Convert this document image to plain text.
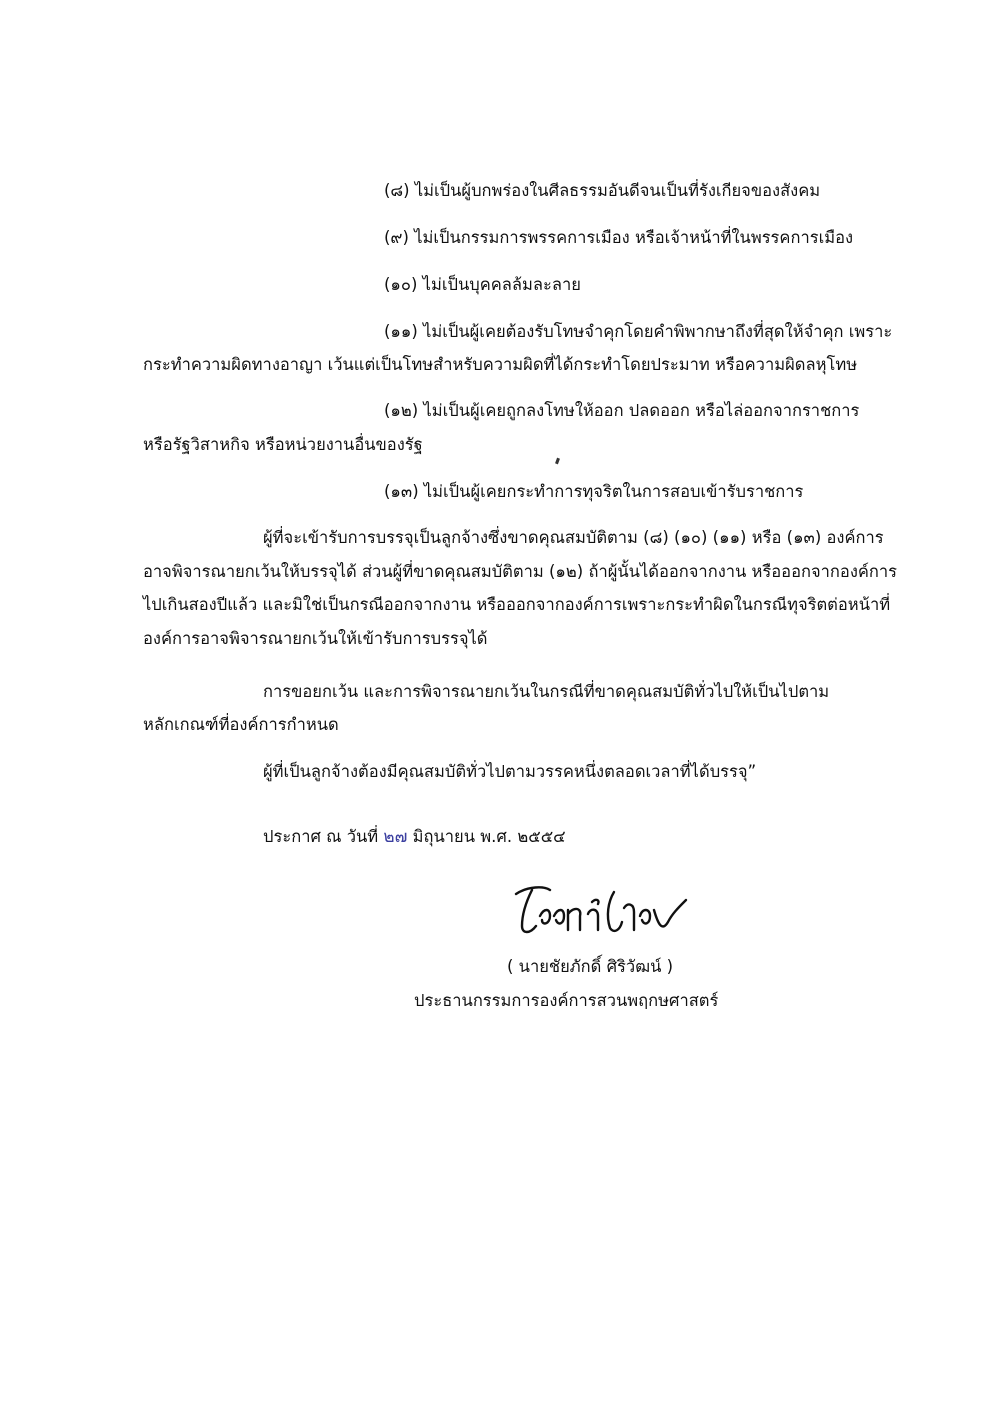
(๘) ไม่เป็นผู้บกพร่องในศีลธรรมอันดีจนเป็นที่รังเกียจของสังคม
(๙) ไม่เป็นกรรมการพรรคการเมือง หรือเจ้าหน้าที่ในพรรคการเมือง
(๑๐) ไม่เป็นบุคคลล้มละลาย
(๑๑) ไม่เป็นผู้เคยต้องรับโทษจำคุกโดยคำพิพากษาถึงที่สุดให้จำคุก เพราะ
กระทำความผิดทางอาญา เว้นแต่เป็นโทษสำหรับความผิดที่ได้กระทำโดยประมาท หรือความผิดลหุโทษ
(๑๒) ไม่เป็นผู้เคยถูกลงโทษให้ออก ปลดออก หรือไล่ออกจากราชการ
หรือรัฐวิสาหกิจ หรือหน่วยงานอื่นของรัฐ
(๑๓) ไม่เป็นผู้เคยกระทำการทุจริตในการสอบเข้ารับราชการ
ผู้ที่จะเข้ารับการบรรจุเป็นลูกจ้างซึ่งขาดคุณสมบัติตาม (๘) (๑๐) (๑๑) หรือ (๑๓) องค์การ
อาจพิจารณายกเว้นให้บรรจุได้ ส่วนผู้ที่ขาดคุณสมบัติตาม (๑๒) ถ้าผู้นั้นได้ออกจากงาน หรือออกจากองค์การ
ไปเกินสองปีแล้ว และมิใช่เป็นกรณีออกจากงาน หรือออกจากองค์การเพราะกระทำผิดในกรณีทุจริตต่อหน้าที่
องค์การอาจพิจารณายกเว้นให้เข้ารับการบรรจุได้
การขอยกเว้น และการพิจารณายกเว้นในกรณีที่ขาดคุณสมบัติทั่วไปให้เป็นไปตาม
หลักเกณฑ์ที่องค์การกำหนด
ผู้ที่เป็นลูกจ้างต้องมีคุณสมบัติทั่วไปตามวรรคหนึ่งตลอดเวลาที่ได้บรรจุ”
ประกาศ ณ วันที่ ๒๗ มิถุนายน พ.ศ. ๒๕๕๔
( นายชัยภักดิ์ ศิริวัฒน์ )
ประธานกรรมการองค์การสวนพฤกษศาสตร์
